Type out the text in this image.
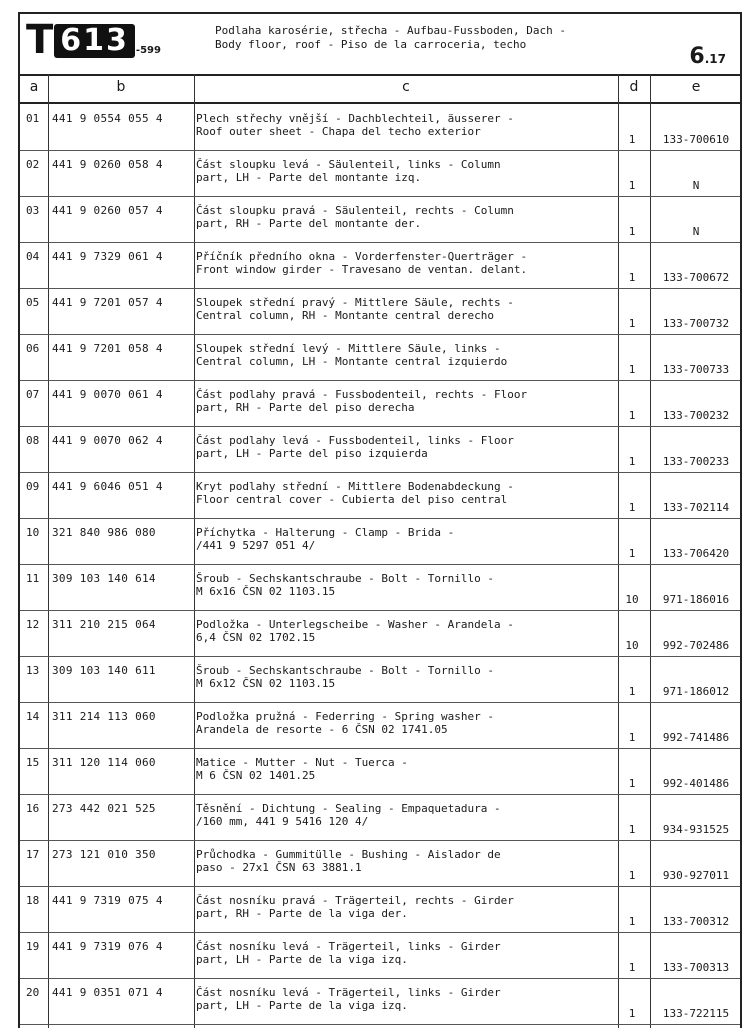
T 613 -599
Podlaha karosérie, střecha - Aufbau-Fussboden, Dach -
Body floor, roof - Piso de la carroceria, techo	6.17
a	b	c	d	e
01 441 9 0554 055 4	Plech střechy vnější - Dachblechteil, äusserer -
Roof outer sheet - Chapa del techo exterior
1	133-700610
02 441 9 0260 058 4	Část sloupku levá - Säulenteil, links - Column
part, LH - Parte del montante izq.
1	N
03 441 9 0260 057 4	Část sloupku pravá - Säulenteil, rechts - Column
part, RH - Parte del montante der.
1	N
04 441 9 7329 061 4	Příčník předního okna - Vorderfenster-Querträger -
Front window girder - Travesano de ventan. delant.
1	133-700672
05 441 9 7201 057 4	Sloupek střední pravý - Mittlere Säule, rechts -
Central column, RH - Montante central derecho
1	133-700732
06 441 9 7201 058 4	Sloupek střední levý - Mittlere Säule, links -
Central column, LH - Montante central izquierdo
1	133-700733
07 441 9 0070 061 4	Část podlahy pravá - Fussbodenteil, rechts - Floor
part, RH - Parte del piso derecha
1	133-700232
08 441 9 0070 062 4	Část podlahy levá - Fussbodenteil, links - Floor
part, LH - Parte del piso izquierda
1	133-700233
09 441 9 6046 051 4	Kryt podlahy střední - Mittlere Bodenabdeckung -
Floor central cover - Cubierta del piso central
1	133-702114
10 321 840 986 080	Příchytka - Halterung - Clamp - Brida -
/441 9 5297 051 4/
1	133-706420
11 309 103 140 614	Šroub - Sechskantschraube - Bolt - Tornillo -
M 6x16 ČSN 02 1103.15
10	971-186016
12 311 210 215 064	Podložka - Unterlegscheibe - Washer - Arandela -
6,4 ČSN 02 1702.15
10	992-702486
13 309 103 140 611	Šroub - Sechskantschraube - Bolt - Tornillo -
M 6x12 ČSN 02 1103.15
1	971-186012
14 311 214 113 060	Podložka pružná - Federring - Spring washer -
Arandela de resorte - 6 ČSN 02 1741.05
1	992-741486
15 311 120 114 060	Matice - Mutter - Nut - Tuerca -
M 6 ČSN 02 1401.25
1	992-401486
16 273 442 021 525	Těsnění - Dichtung - Sealing - Empaquetadura -
/160 mm, 441 9 5416 120 4/
1	934-931525
17 273 121 010 350	Průchodka - Gummitülle - Bushing - Aislador de
paso - 27x1 ČSN 63 3881.1
1	930-927011
18 441 9 7319 075 4	Část nosníku pravá - Trägerteil, rechts - Girder
part, RH - Parte de la viga der.
1	133-700312
19 441 9 7319 076 4	Část nosníku levá - Trägerteil, links - Girder
part, LH - Parte de la viga izq.
1	133-700313
20 441 9 0351 071 4	Část nosníku levá - Trägerteil, links - Girder
part, LH - Parte de la viga izq.
1	133-722115
